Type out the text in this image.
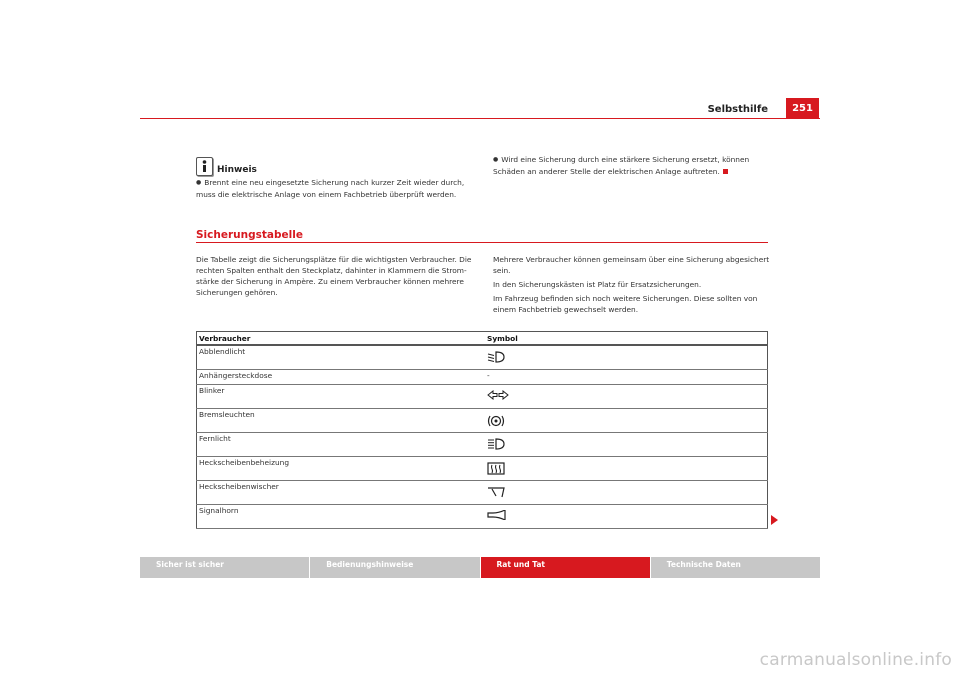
Selbsthilfe	251
Hinweis
● Brennt eine neu eingesetzte Sicherung nach kurzer Zeit wieder durch,
muss die elektrische Anlage von einem Fachbetrieb überprüft werden.
● Wird eine Sicherung durch eine stärkere Sicherung ersetzt, können
Schäden an anderer Stelle der elektrischen Anlage auftreten.
Sicherungstabelle
Die Tabelle zeigt die Sicherungsplätze für die wichtigsten Verbraucher. Die
rechten Spalten enthalt den Steckplatz, dahinter in Klammern die Strom-
stärke der Sicherung in Ampère. Zu einem Verbraucher können mehrere
Sicherungen gehören.
Mehrere Verbraucher können gemeinsam über eine Sicherung abgesichert
sein.
In den Sicherungskästen ist Platz für Ersatzsicherungen.
Im Fahrzeug befinden sich noch weitere Sicherungen. Diese sollten von
einem Fachbetrieb gewechselt werden.
Verbraucher	Symbol
Abblendlicht	

Anhängersteckdose	-
Blinker	

Bremsleuchten	

Fernlicht	

Heckscheibenbeheizung	

Heckscheibenwischer	

Signalhorn	
Sicher ist sicher	Bedienungshinweise	Rat und Tat	Technische Daten
carmanualsonline.info
